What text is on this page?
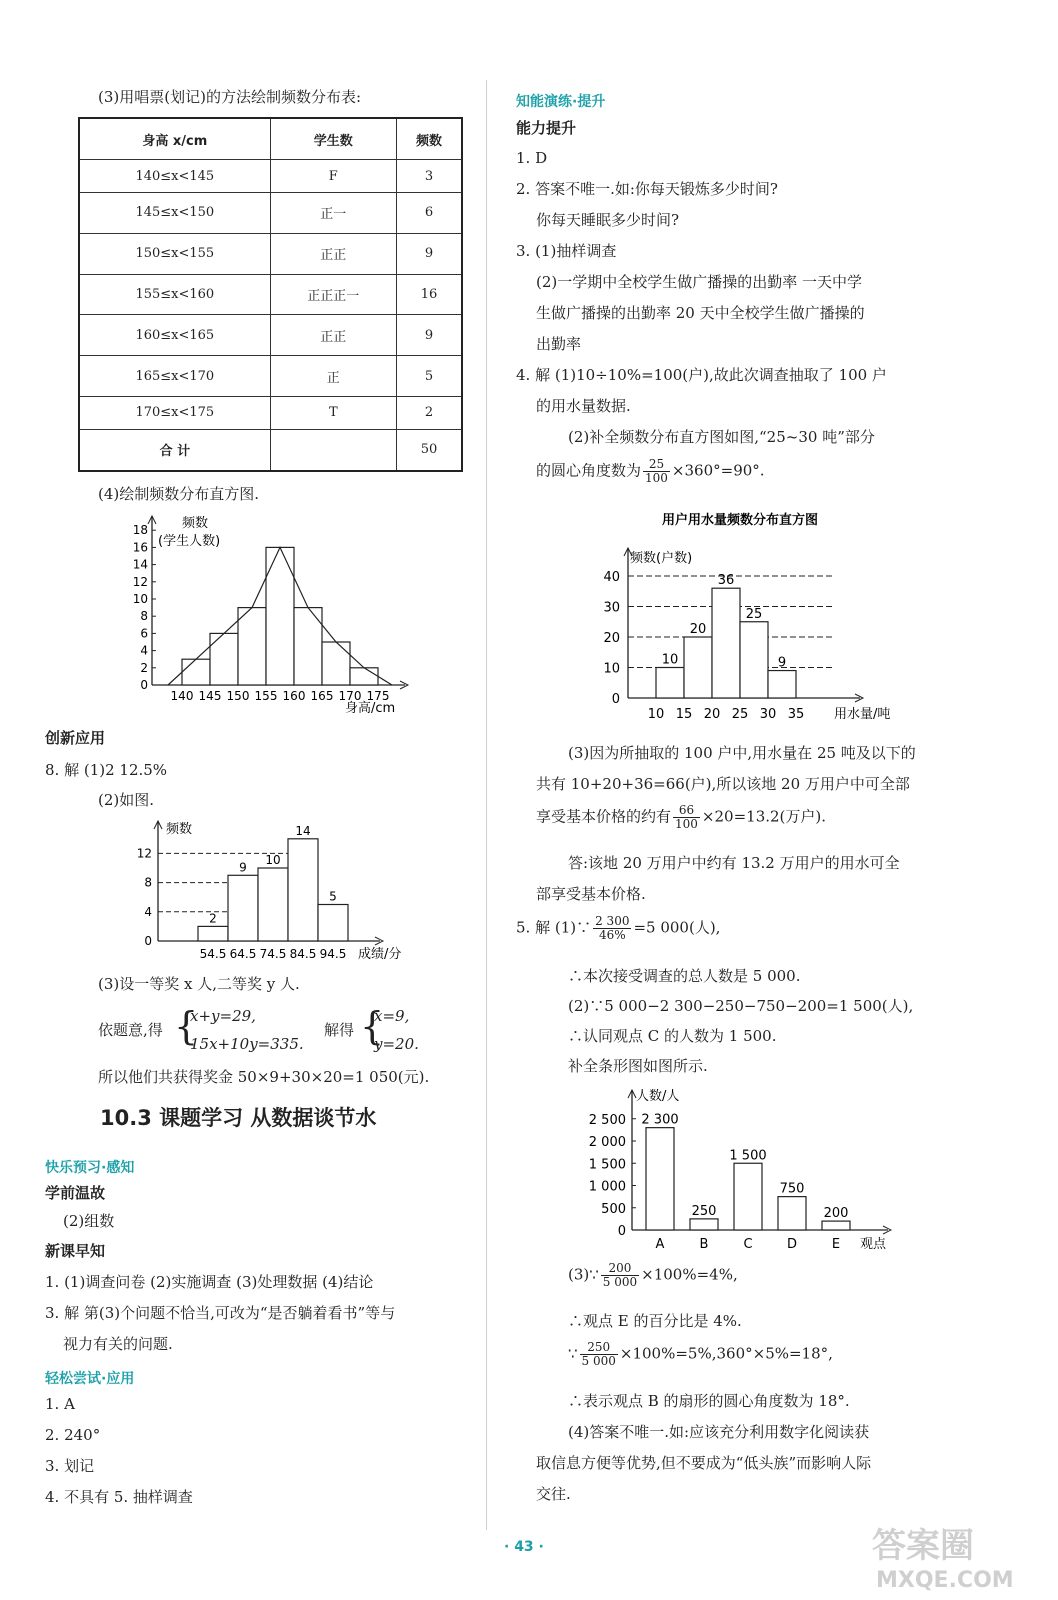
(3)用唱票(划记)的方法绘制频数分布表:
身高 x/cm	学生数	频数
140≤x<145	F	3
145≤x<150	正一	6
150≤x<155	正正	9
155≤x<160	正正正一	16
160≤x<165	正正	9
165≤x<170	正	5
170≤x<175	T	2
合 计		50
(4)绘制频数分布直方图.
0
2
4
6
8
10
12
14
16
18
140 145 150 155 160 165 170 175
频数
(学生人数)
身高/cm
创新应用
8. 解 (1)2 12.5%
(2)如图.
0
4
8
12
2
9
10
14
5
54.5 64.5 74.5 84.5 94.5
频数
成绩/分
(3)设一等奖 x 人,二等奖 y 人.
依题意,得 {
x+y=29,
15x+10y=335.
解得 {
x=9,
y=20.
所以他们共获得奖金 50×9+30×20=1 050(元).
10.3 课题学习 从数据谈节水
快乐预习·感知
学前温故
(2)组数
新课早知
1. (1)调查问卷 (2)实施调查 (3)处理数据 (4)结论
3. 解 第(3)个问题不恰当,可改为“是否躺着看书”等与
视力有关的问题.
轻松尝试·应用
1. A
2. 240°
3. 划记
4. 不具有 5. 抽样调查
知能演练·提升
能力提升
1. D
2. 答案不唯一.如:你每天锻炼多少时间?
你每天睡眠多少时间?
3. (1)抽样调查
(2)一学期中全校学生做广播操的出勤率 一天中学
生做广播操的出勤率 20 天中全校学生做广播操的
出勤率
4. 解 (1)10÷10%=100(户),故此次调查抽取了 100 户
的用水量数据.
(2)补全频数分布直方图如图,“25~30 吨”部分
的圆心角度数为 $\frac{25}{100} \times 360^\circ=90^\circ$.
用户用水量频数分布直方图
0
10
20
30
40
10
20
36
25
9
10 15 20 25 30 35
频数(户数)
用水量/吨
(3)因为所抽取的 100 户中,用水量在 25 吨及以下的
共有 10+20+36=66(户),所以该地 20 万用户中可全部
享受基本价格的约有 $\frac{66}{100} \times 20=13.2$(万户).
答:该地 20 万用户中约有 13.2 万用户的用水可全
部享受基本价格.
5. 解 (1)∵ $\frac{2 300}{46\%} =5$ 000(人),
∴本次接受调查的总人数是 5 000.
(2)∵5 000−2 300−250−750−200=1 500(人),
∴认同观点 C 的人数为 1 500.
补全条形图如图所示.
0
500
1 000
1 500
2 000
2 500 2 300
A
250
B
1 500
C
750
D
200
E
人数/人
观点
(3)∵ $\frac{200}{5 000} \times 100\%=4\%$,
∴观点 E 的百分比是 4%.
∵ $\frac{250}{5 000} \times 100\%=5\%,360^\circ\times 5\%=18^\circ$,
∴表示观点 B 的扇形的圆心角度数为 18°.
(4)答案不唯一.如:应该充分利用数字化阅读获
取信息方便等优势,但不要成为“低头族”而影响人际
交往.
· 43 ·	答案圈
MXQE.COM
